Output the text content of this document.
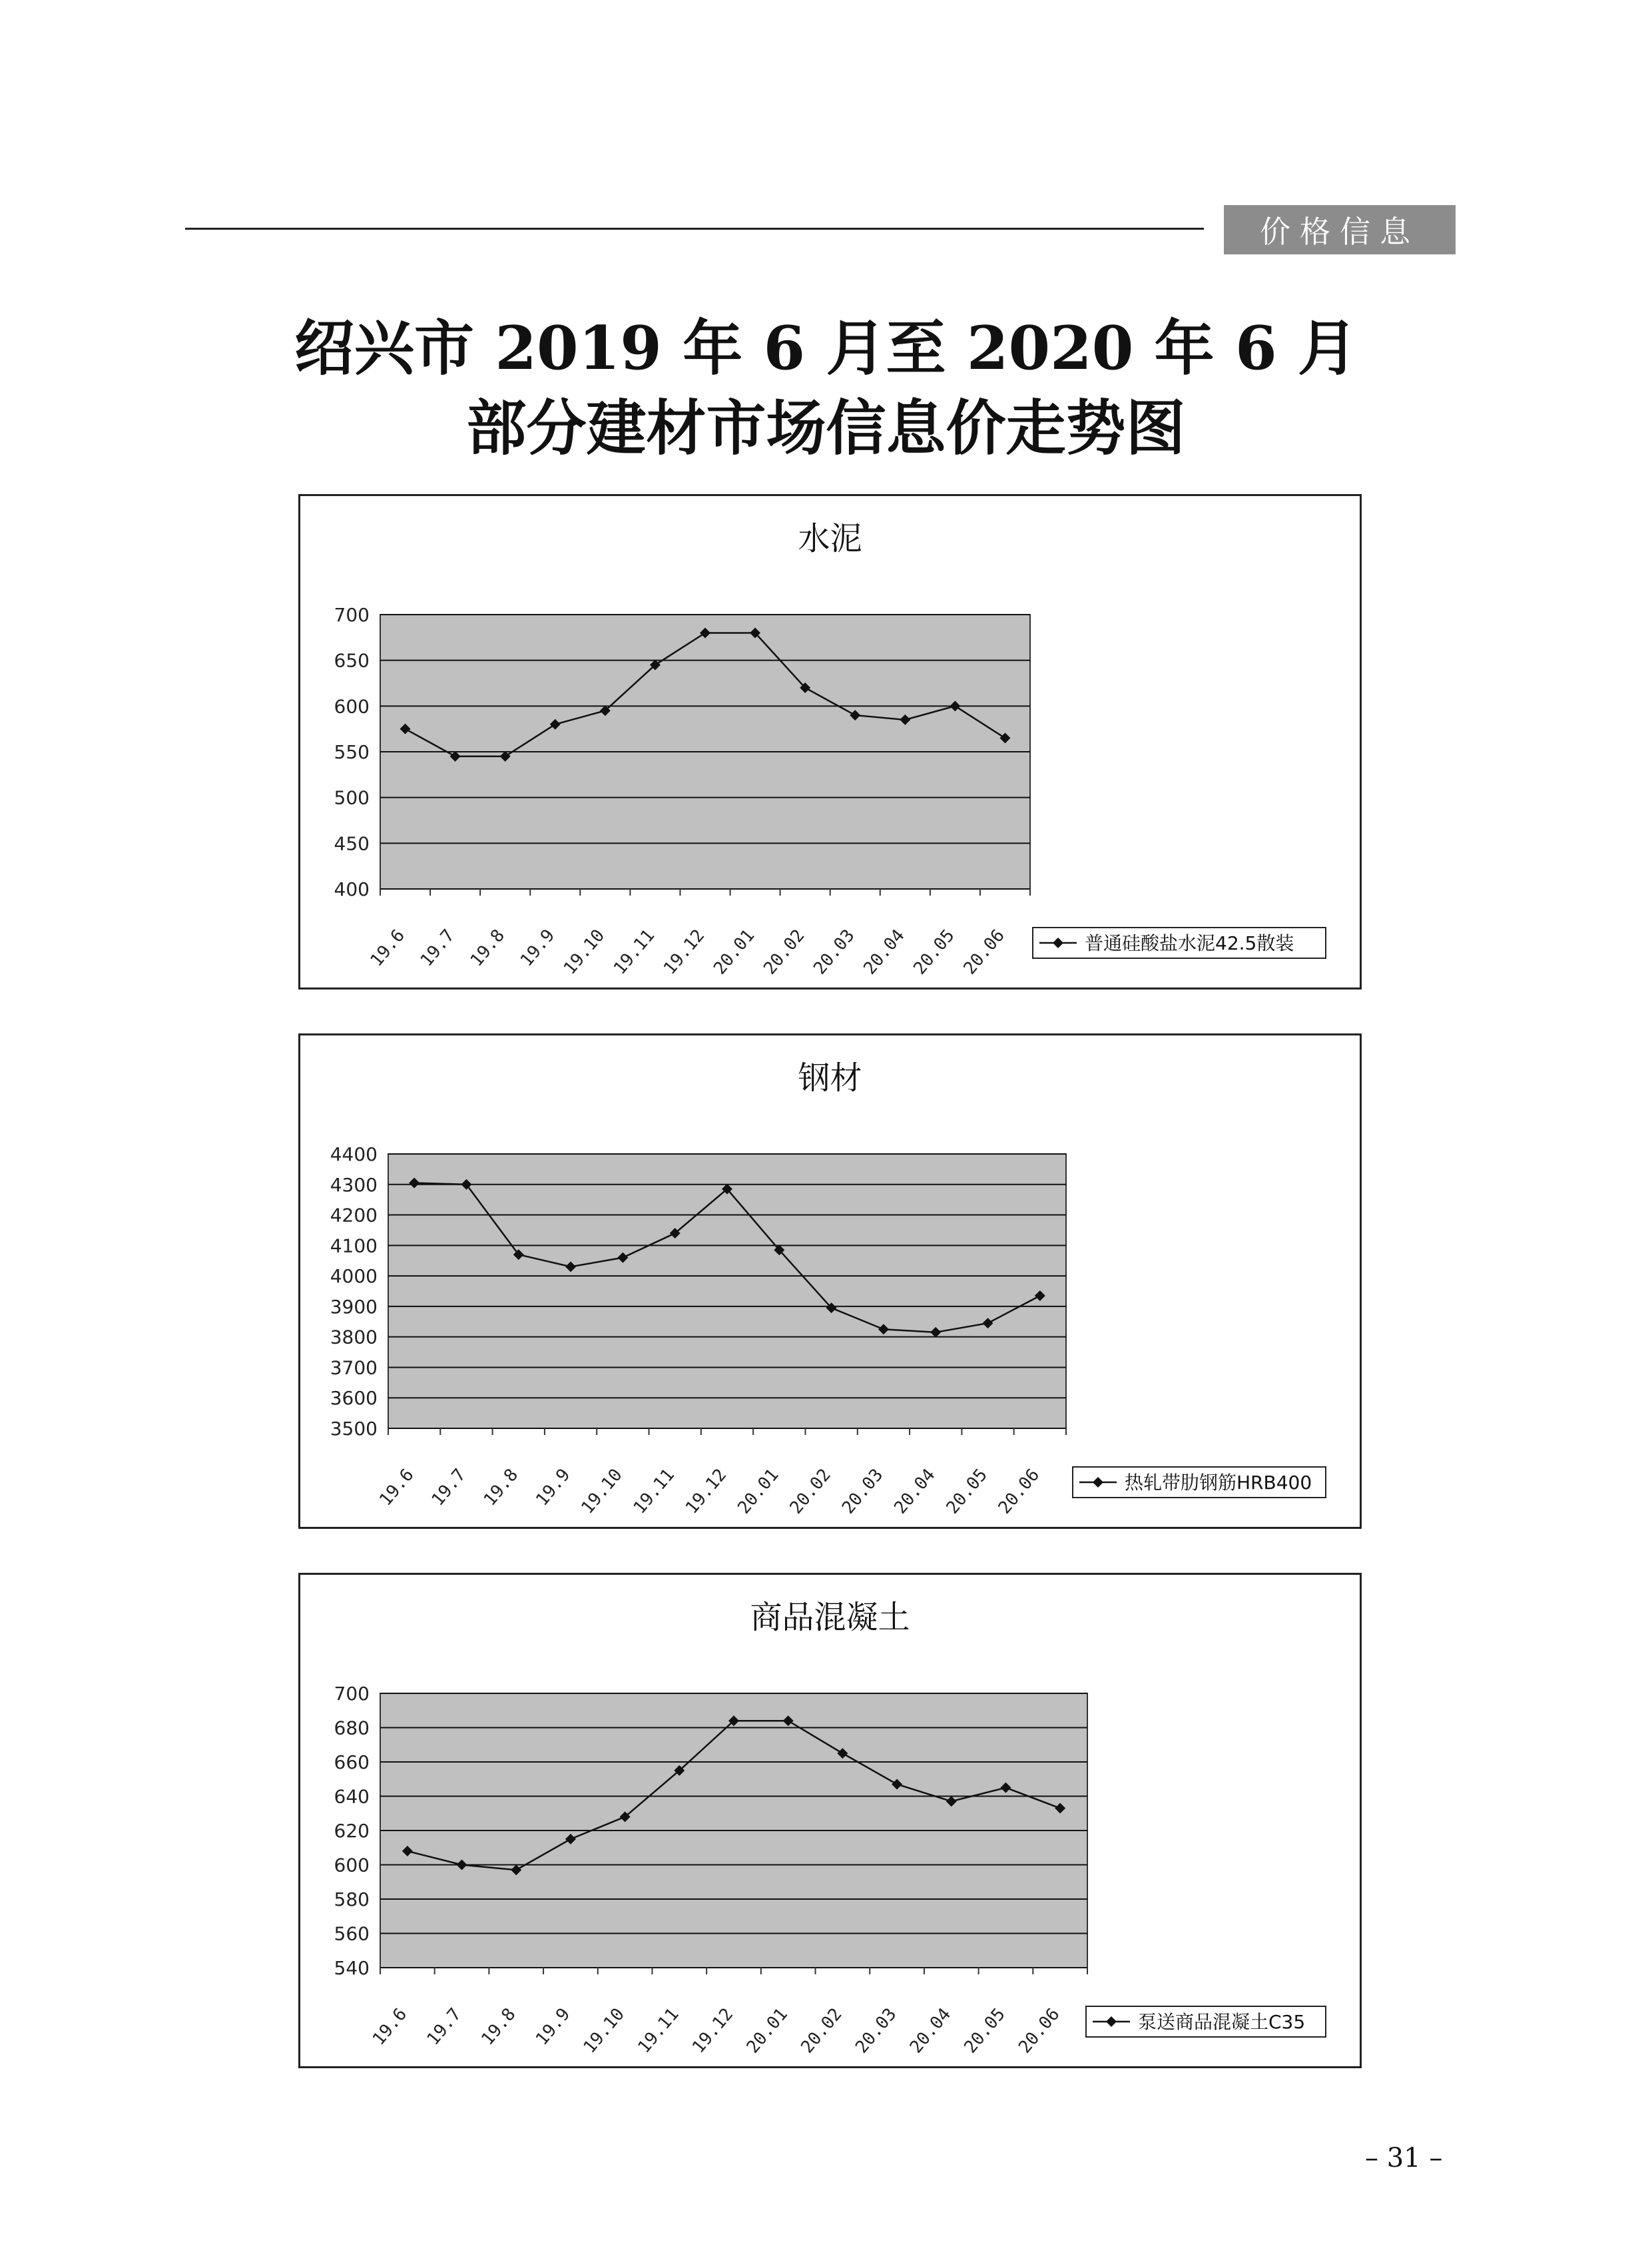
价格信息
绍兴市 2019 年 6 月至 2020 年 6 月
部分建材市场信息价走势图
水泥
400
450
500
550
600
650
700
19.6 19.7 19.8 19.9 19.10 19.11 19.12 20.01 20.02 20.03 20.04 20.05 20.06	普通硅酸盐水泥42.5散装
钢材
3500
3600
3700
3800
3900
4000
4100
4200
4300
4400
19.6 19.7 19.8 19.9 19.10 19.11 19.12 20.01 20.02 20.03 20.04 20.05 20.06	热轧带肋钢筋HRB400
商品混凝土
540
560
580
600
620
640
660
680
700
19.6 19.7 19.8 19.9 19.10 19.11 19.12 20.01 20.02 20.03 20.04 20.05 20.06	泵送商品混凝土C35
– 31 –
